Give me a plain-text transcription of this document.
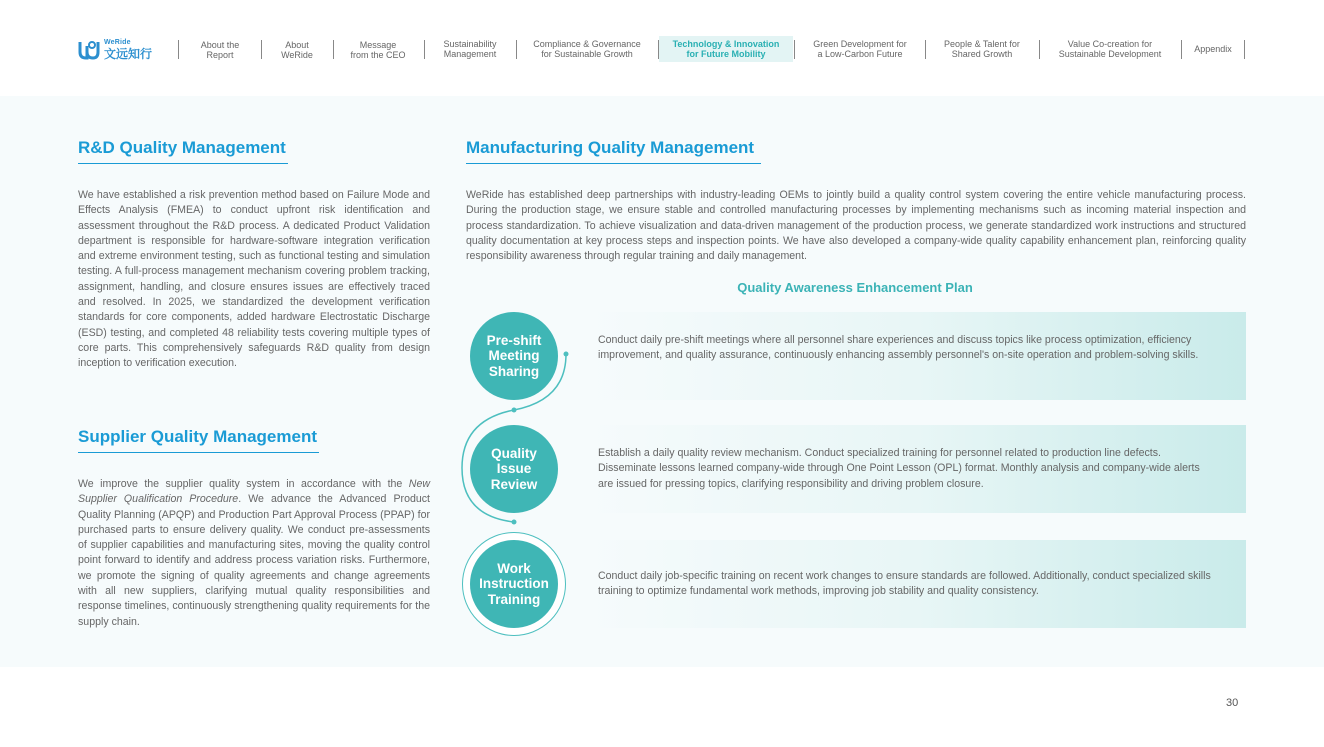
WeRide
文远知行
About the
Report
About
WeRide
Message
from the CEO
Sustainability
Management
Compliance & Governance
for Sustainable Growth
Technology & Innovation
for Future Mobility
Green Development for
a Low-Carbon Future
People & Talent for
Shared Growth
Value Co-creation for
Sustainable Development	Appendix
R&D Quality Management
We have established a risk prevention method based on Failure Mode and Effects Analysis (FMEA) to conduct upfront risk identification and assessment throughout the R&D process. A dedicated Product Validation department is responsible for hardware-software integration verification and extreme environment testing, such as functional testing and simulation testing. A full-process management mechanism covering problem tracking, assignment, handling, and closure ensures issues are effectively traced and resolved. In 2025, we standardized the development verification standards for core components, added hardware Electrostatic Discharge (ESD) testing, and completed 48 reliability tests covering multiple types of core parts. This comprehensively safeguards R&D quality from design inception to verification execution.
Supplier Quality Management
We improve the supplier quality system in accordance with the New Supplier Qualification Procedure. We advance the Advanced Product Quality Planning (APQP) and Production Part Approval Process (PPAP) for purchased parts to ensure delivery quality. We conduct pre-assessments of supplier capabilities and manufacturing sites, moving the quality control point forward to identify and address process variation risks. Furthermore, we promote the signing of quality agreements and change agreements with all new suppliers, clarifying mutual quality responsibilities and response timelines, continuously strengthening quality requirements for the supply chain.
Manufacturing Quality Management
WeRide has established deep partnerships with industry-leading OEMs to jointly build a quality control system covering the entire vehicle manufacturing process. During the production stage, we ensure stable and controlled manufacturing processes by implementing mechanisms such as incoming material inspection and process standardization. To achieve visualization and data-driven management of the production process, we generate standardized work instructions and structured quality documentation at key process steps and inspection points. We have also developed a company-wide quality capability enhancement plan, reinforcing quality responsibility awareness through regular training and daily management.
Quality Awareness Enhancement Plan
Pre-shift
Meeting
Sharing
Quality
Issue
Review
Work
Instruction
Training
Conduct daily pre-shift meetings where all personnel share experiences and discuss topics like process optimization, efficiency improvement, and quality assurance, continuously enhancing assembly personnel's on-site operation and problem-solving skills.
Establish a daily quality review mechanism. Conduct specialized training for personnel related to production line defects. Disseminate lessons learned company-wide through One Point Lesson (OPL) format. Monthly analysis and company-wide alerts are issued for pressing topics, clarifying responsibility and driving problem closure.
Conduct daily job-specific training on recent work changes to ensure standards are followed. Additionally, conduct specialized skills training to optimize fundamental work methods, improving job stability and quality consistency.
30
